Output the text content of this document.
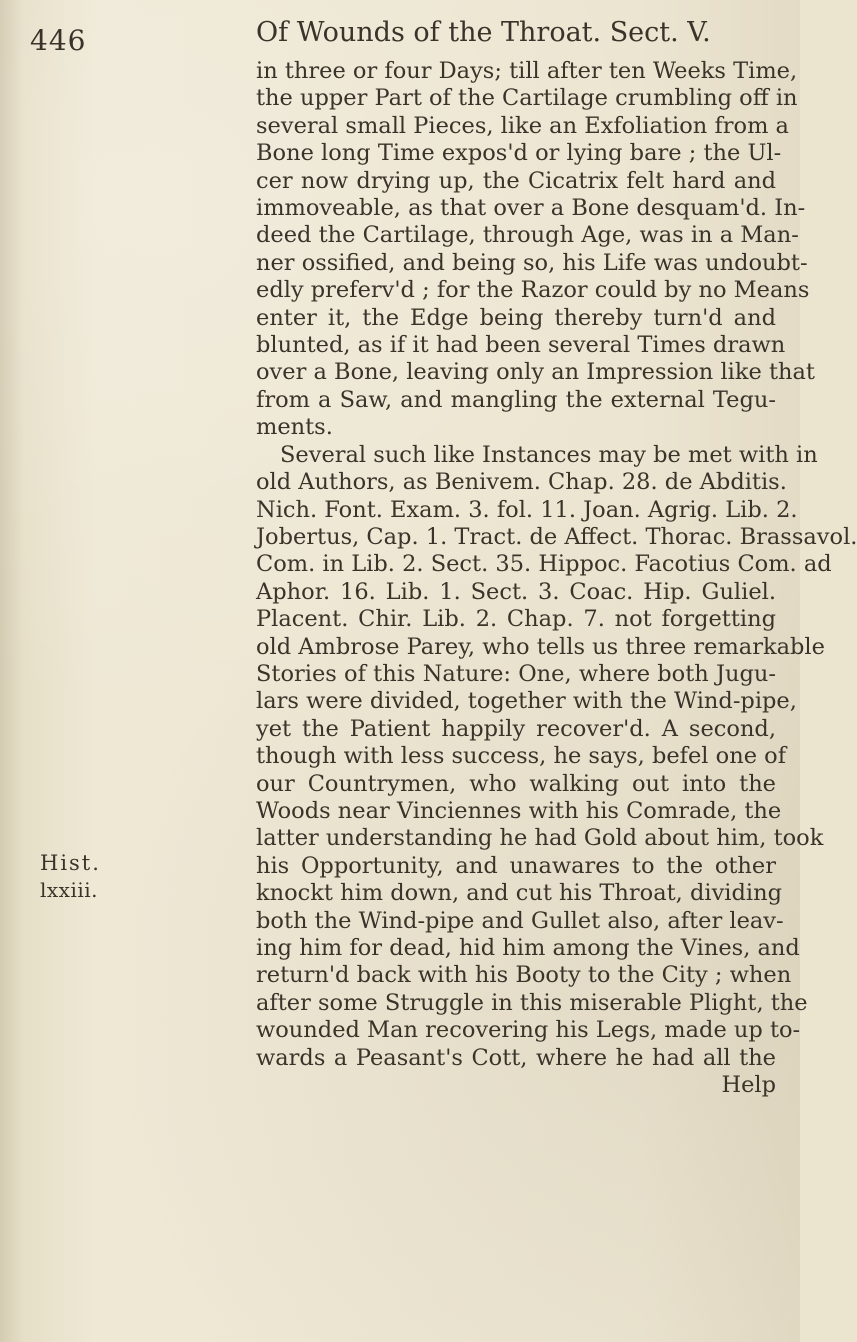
446	Of Wounds of the Throat. Sect. V.
Hist.
lxxiii.
in three or four Days; till after ten Weeks Time,
the upper Part of the Cartilage crumbling off in
several small Pieces, like an Exfoliation from a
Bone long Time expos'd or lying bare ; the Ul-
cer now drying up, the Cicatrix felt hard and
immoveable, as that over a Bone desquam'd. In-
deed the Cartilage, through Age, was in a Man-
ner ossified, and being so, his Life was undoubt-
edly preferv'd ; for the Razor could by no Means
enter it, the Edge being thereby turn'd and
blunted, as if it had been several Times drawn
over a Bone, leaving only an Impression like that
from a Saw, and mangling the external Tegu-
ments.
Several such like Instances may be met with in
old Authors, as Benivem. Chap. 28. de Abditis.
Nich. Font. Exam. 3. fol. 11. Joan. Agrig. Lib. 2.
Jobertus, Cap. 1. Tract. de Affect. Thorac. Brassavol.
Com. in Lib. 2. Sect. 35. Hippoc. Facotius Com. ad
Aphor. 16. Lib. 1. Sect. 3. Coac. Hip. Guliel.
Placent. Chir. Lib. 2. Chap. 7. not forgetting
old Ambrose Parey, who tells us three remarkable
Stories of this Nature: One, where both Jugu-
lars were divided, together with the Wind-pipe,
yet the Patient happily recover'd. A second,
though with less success, he says, befel one of
our Countrymen, who walking out into the
Woods near Vinciennes with his Comrade, the
latter understanding he had Gold about him, took
his Opportunity, and unawares to the other
knockt him down, and cut his Throat, dividing
both the Wind-pipe and Gullet also, after leav-
ing him for dead, hid him among the Vines, and
return'd back with his Booty to the City ; when
after some Struggle in this miserable Plight, the
wounded Man recovering his Legs, made up to-
wards a Peasant's Cott, where he had all the
Help
